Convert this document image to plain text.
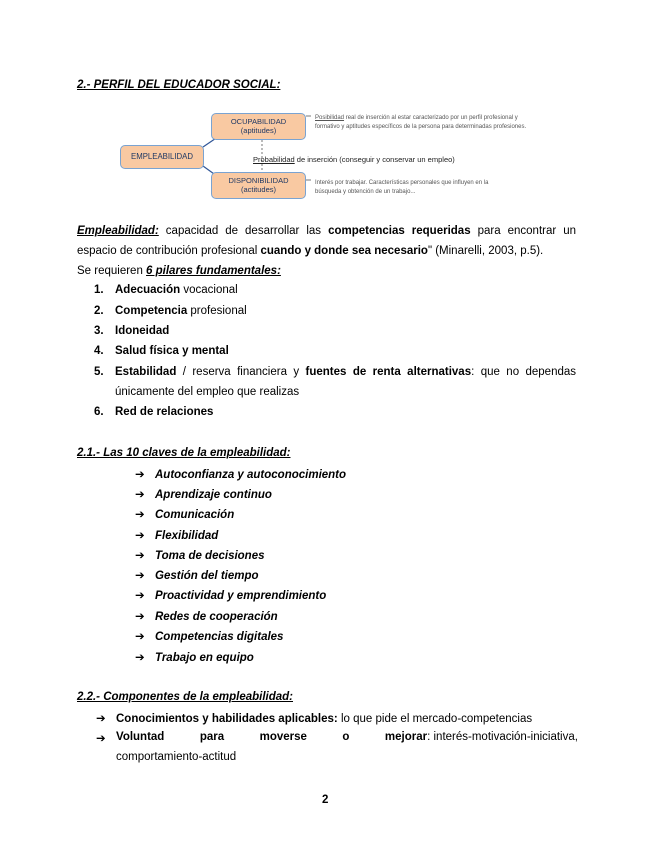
2.- PERFIL DEL EDUCADOR SOCIAL:
OCUPABILIDAD
(aptitudes)
EMPLEABILIDAD
DISPONIBILIDAD
(actitudes)
Probabilidad de inserción (conseguir y conservar un empleo)
Posibilidad real de inserción al estar caracterizado por un perfil profesional y formativo y aptitudes específicos de la persona para determinadas profesiones.
Interés por trabajar. Características personales que influyen en la búsqueda y obtención de un trabajo...
Empleabilidad: capacidad de desarrollar las competencias requeridas para encontrar un
espacio de contribución profesional cuando y donde sea necesario" (Minarelli, 2003, p.5).
Se requieren 6 pilares fundamentales:
1. Adecuación vocacional
2. Competencia profesional
3. Idoneidad
4. Salud física y mental
5. Estabilidad / reserva financiera y fuentes de renta alternativas: que no dependas
únicamente del empleo que realizas
6. Red de relaciones
2.1.- Las 10 claves de la empleabilidad:
➔ Autoconfianza y autoconocimiento
➔ Aprendizaje continuo
➔ Comunicación
➔ Flexibilidad
➔ Toma de decisiones
➔ Gestión del tiempo
➔ Proactividad y emprendimiento
➔ Redes de cooperación
➔ Competencias digitales
➔ Trabajo en equipo
2.2.- Componentes de la empleabilidad:
➔ Conocimientos y habilidades aplicables: lo que pide el mercado-competencias
➔ Voluntad	para	moverse	o	mejorar: interés-motivación-iniciativa,
comportamiento-actitud
2
